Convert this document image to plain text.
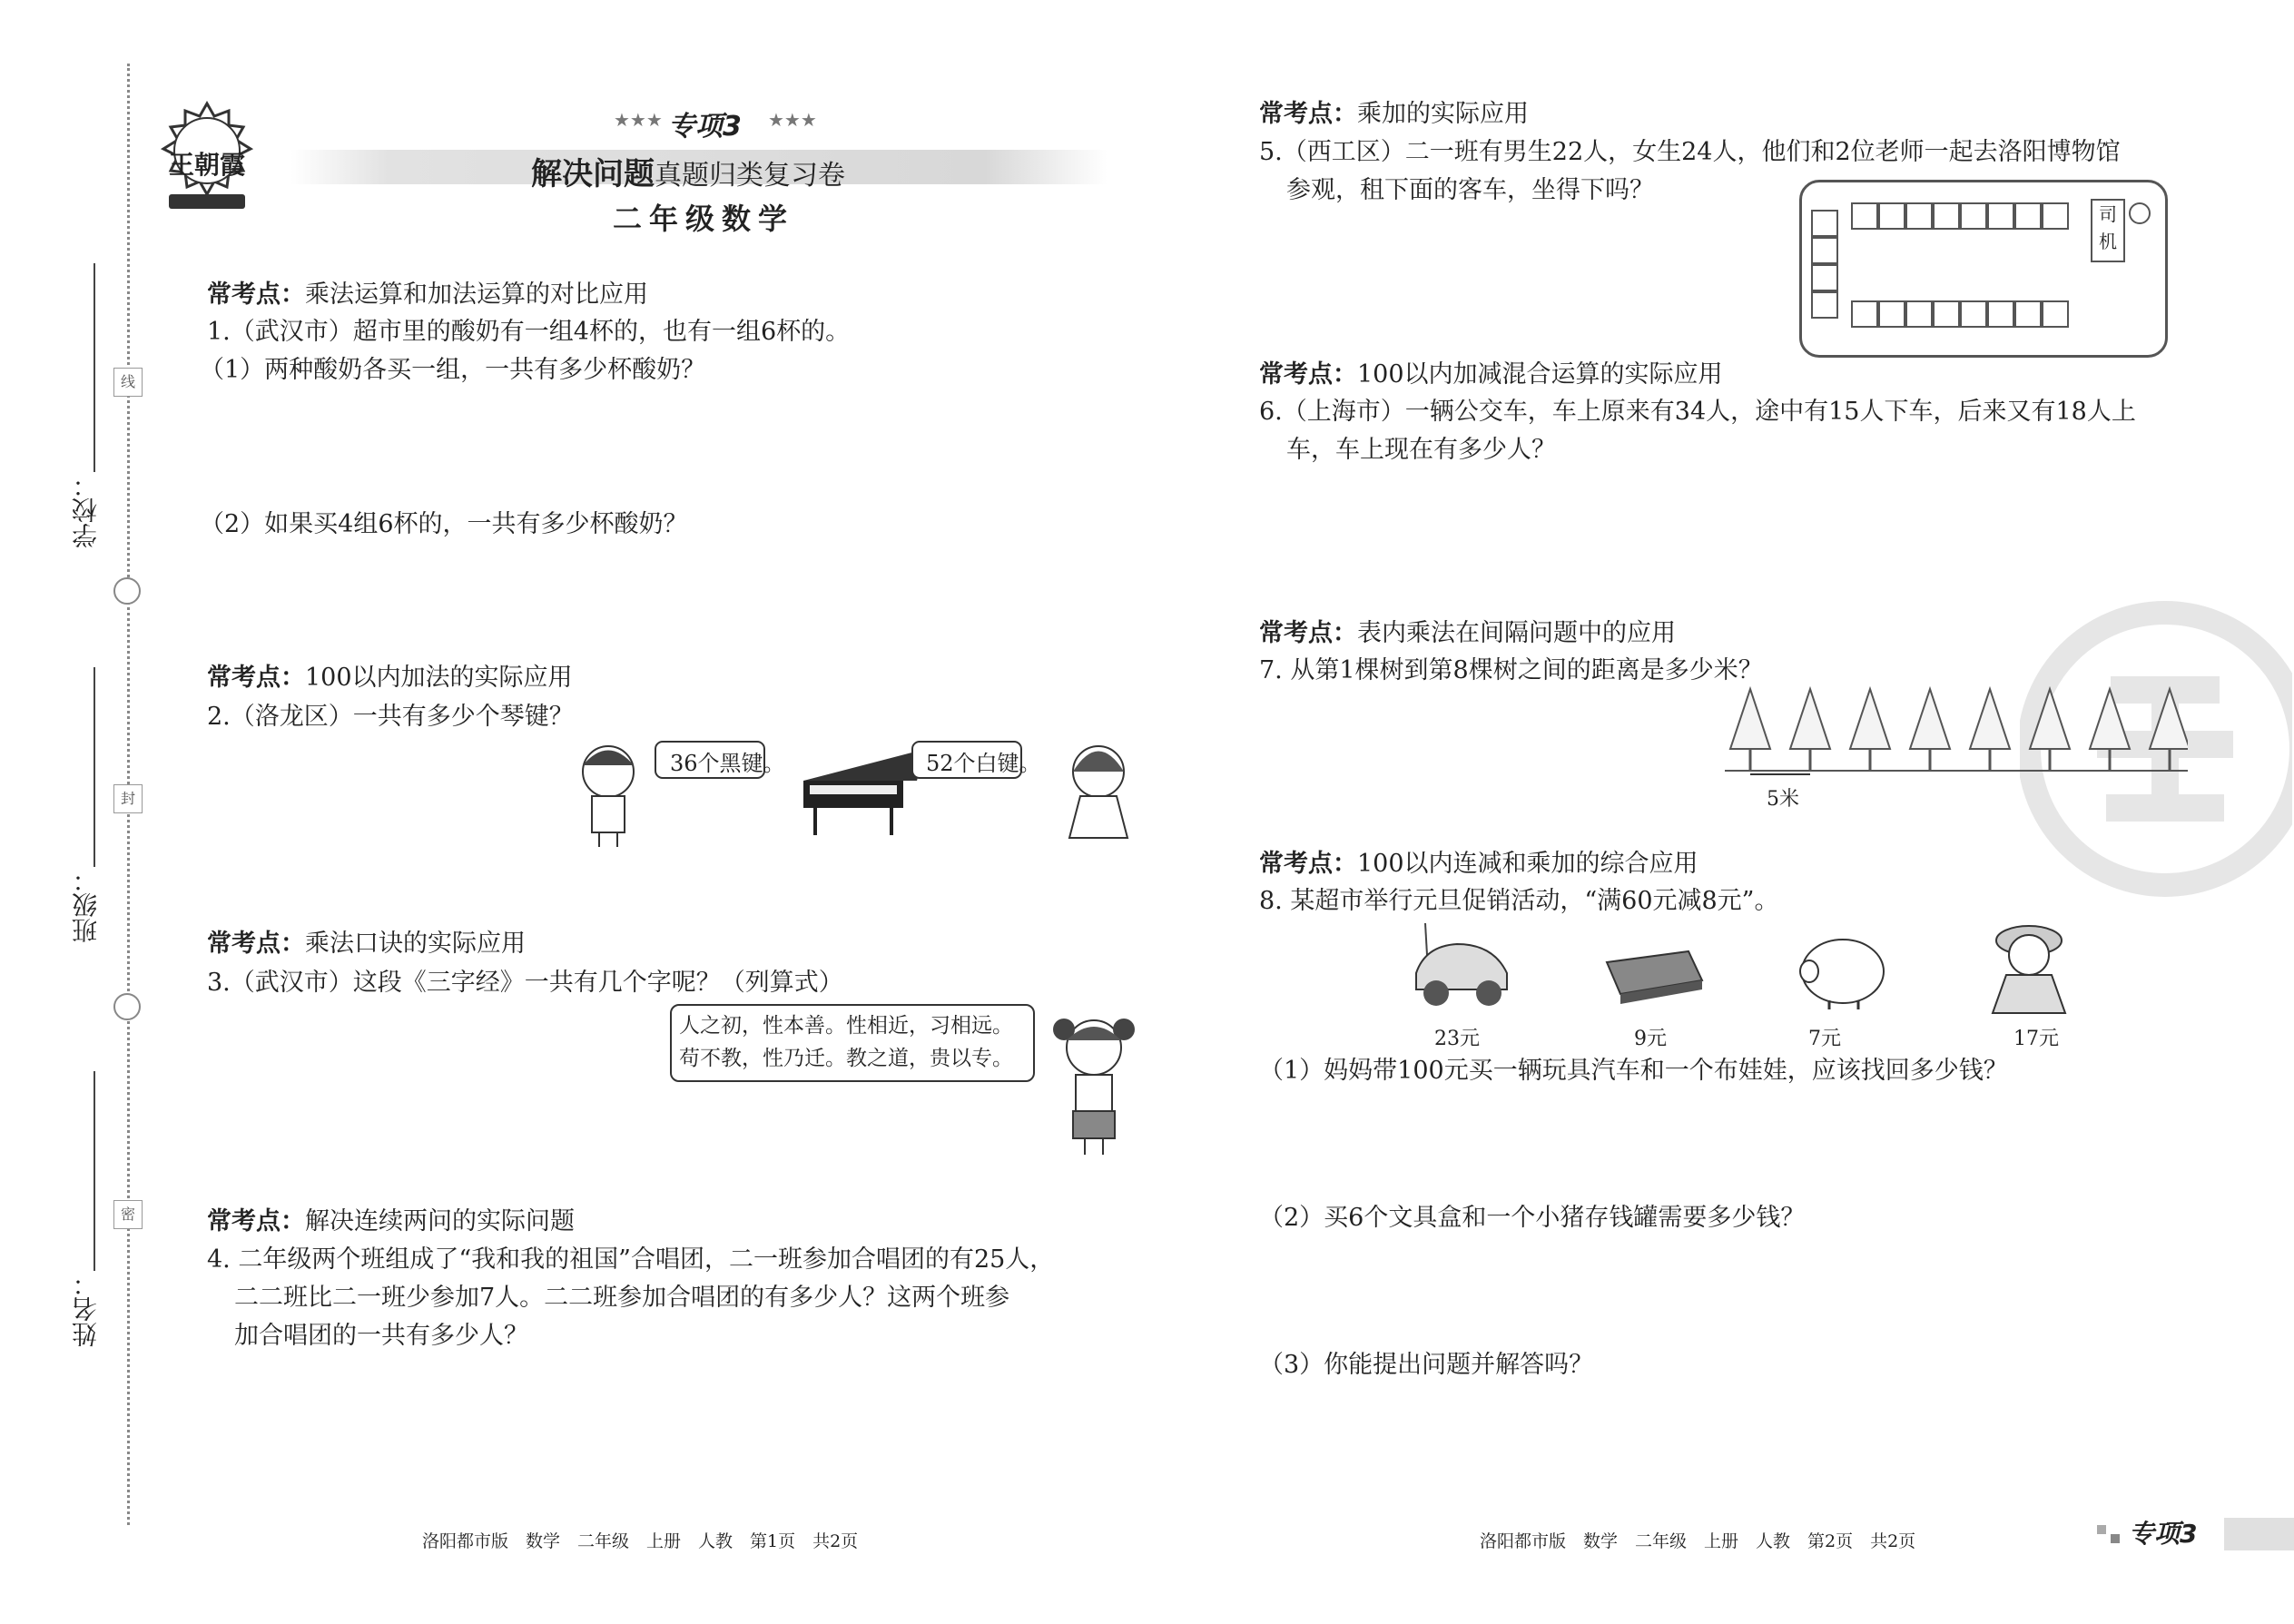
线
封
密
学校：
班级：
姓名：
王朝霞
★★★ 专项3 ★★★
解决问题真题归类复习卷
二年级数学
常考点：乘法运算和加法运算的对比应用
1.（武汉市）超市里的酸奶有一组4杯的，也有一组6杯的。
（1）两种酸奶各买一组，一共有多少杯酸奶？
（2）如果买4组6杯的，一共有多少杯酸奶？
常考点：100以内加法的实际应用
2.（洛龙区）一共有多少个琴键？
36个黑键。	52个白键。
常考点：乘法口诀的实际应用
3.（武汉市）这段《三字经》一共有几个字呢？（列算式）
人之初，性本善。性相近，习相远。
苟不教，性乃迁。教之道，贵以专。
常考点：解决连续两问的实际问题
4. 二年级两个班组成了“我和我的祖国”合唱团，二一班参加合唱团的有25人，
二二班比二一班少参加7人。二二班参加合唱团的有多少人？这两个班参
加合唱团的一共有多少人？
常考点：乘加的实际应用
5.（西工区）二一班有男生22人，女生24人，他们和2位老师一起去洛阳博物馆
参观，租下面的客车，坐得下吗？
司
机
常考点：100以内加减混合运算的实际应用
6.（上海市）一辆公交车，车上原来有34人，途中有15人下车，后来又有18人上
车，车上现在有多少人？
常考点：表内乘法在间隔问题中的应用
7. 从第1棵树到第8棵树之间的距离是多少米？
5米
常考点：100以内连减和乘加的综合应用
8. 某超市举行元旦促销活动，“满60元减8元”。
23元	9元	7元	17元
（1）妈妈带100元买一辆玩具汽车和一个布娃娃，应该找回多少钱？
（2）买6个文具盒和一个小猪存钱罐需要多少钱？
（3）你能提出问题并解答吗？
洛阳都市版　数学　二年级　上册　人教　第1页　共2页	洛阳都市版　数学　二年级　上册　人教　第2页　共2页	专项3
